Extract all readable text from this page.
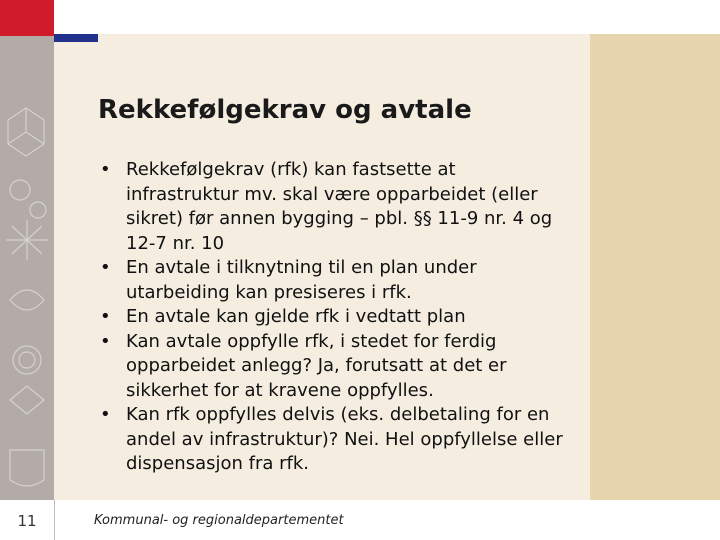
Rekkefølgekrav og avtale
• Rekkefølgekrav (rfk) kan fastsette at infrastruktur mv. skal være opparbeidet (eller sikret) før annen bygging – pbl. §§ 11-9 nr. 4 og 12-7 nr. 10
• En avtale i tilknytning til en plan under utarbeiding kan presiseres i rfk.
• En avtale kan gjelde rfk i vedtatt plan
• Kan avtale oppfylle rfk, i stedet for ferdig opparbeidet anlegg? Ja, forutsatt at det er sikkerhet for at kravene oppfylles.
• Kan rfk oppfylles delvis (eks. delbetaling for en andel av infrastruktur)? Nei. Hel oppfyllelse eller dispensasjon fra rfk.
11	Kommunal- og regionaldepartementet
